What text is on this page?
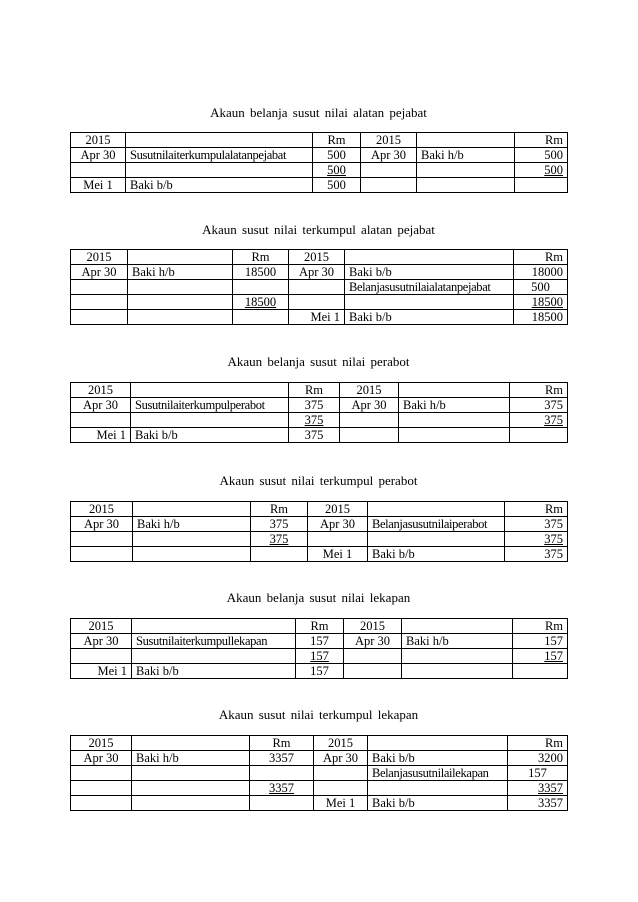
Akaun belanja susut nilai alatan pejabat
2015		Rm	2015		Rm
Apr 30	Susutnilaiterkumpulalatanpejabat	500	Apr 30	Baki h/b	500
		500			500
Mei 1	Baki b/b	500			
Akaun susut nilai terkumpul alatan pejabat
2015		Rm	2015		Rm
Apr 30	Baki h/b	18500	Apr 30	Baki b/b	18000
				Belanjasusutnilaialatanpejabat	500
		18500			18500
			Mei 1	Baki b/b	18500
Akaun belanja susut nilai perabot
2015		Rm	2015		Rm
Apr 30	Susutnilaiterkumpulperabot	375	Apr 30	Baki h/b	375
		375			375
Mei 1	Baki b/b	375			
Akaun susut nilai terkumpul perabot
2015		Rm	2015		Rm
Apr 30	Baki h/b	375	Apr 30	Belanjasusutnilaiperabot	375
		375			375
			Mei 1	Baki b/b	375
Akaun belanja susut nilai lekapan
2015		Rm	2015		Rm
Apr 30	Susutnilaiterkumpullekapan	157	Apr 30	Baki h/b	157
		157			157
Mei 1	Baki b/b	157			
Akaun susut nilai terkumpul lekapan
2015		Rm	2015		Rm
Apr 30	Baki h/b	3357	Apr 30	Baki b/b	3200
				Belanjasusutnilailekapan	157
		3357			3357
			Mei 1	Baki b/b	3357
